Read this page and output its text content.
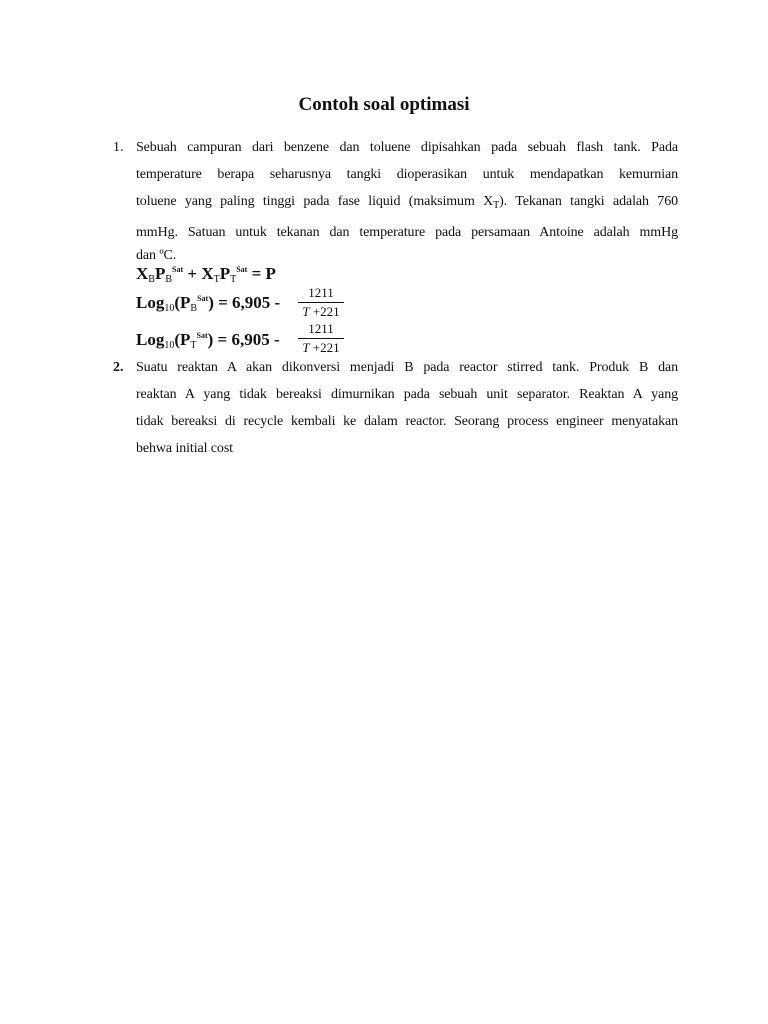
Contoh soal optimasi
1. Sebuah campuran dari benzene dan toluene dipisahkan pada sebuah flash tank. Pada
temperature berapa seharusnya tangki dioperasikan untuk mendapatkan kemurnian
toluene yang paling tinggi pada fase liquid (maksimum $X_T$). Tekanan tangki adalah 760
mmHg. Satuan untuk tekanan dan temperature pada persamaan Antoine adalah mmHg
dan ºC.
$X_BP_B^{Sat} + X_TP_T^{Sat} = P$
$Log_{10}(P_B^{Sat}) = 6,905$ -
1211
T +221
$Log_{10}(P_T^{Sat}) = 6,905$ -
1211
T +221
2. Suatu reaktan A akan dikonversi menjadi B pada reactor stirred tank. Produk B dan
reaktan A yang tidak bereaksi dimurnikan pada sebuah unit separator. Reaktan A yang
tidak bereaksi di recycle kembali ke dalam reactor. Seorang process engineer menyatakan
behwa initial cost
